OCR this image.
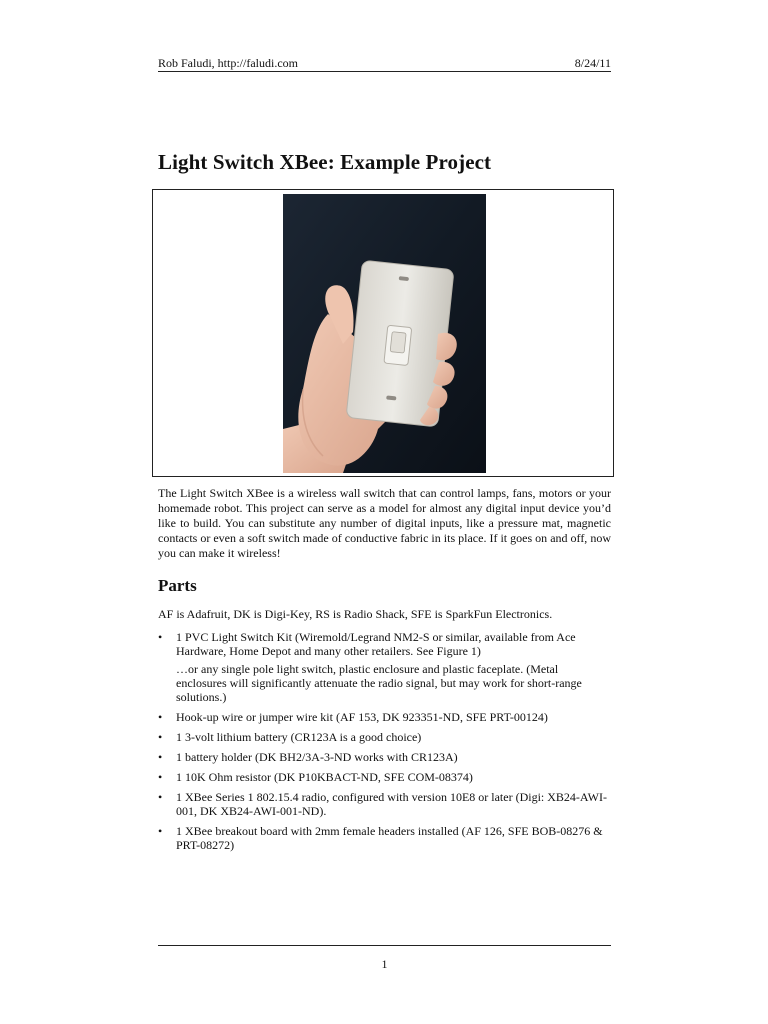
Rob Faludi, http://faludi.com	8/24/11
Light Switch XBee: Example Project

The Light Switch XBee is a wireless wall switch that can control lamps, fans, motors or your homemade robot. This project can serve as a model for almost any digital input device you’d like to build. You can substitute any number of digital inputs, like a pressure mat, magnetic contacts or even a soft switch made of conductive fabric in its place. If it goes on and off, now you can make it wireless!

Parts

AF is Adafruit, DK is Digi-Key, RS is Radio Shack, SFE is SparkFun Electronics.

• 1 PVC Light Switch Kit (Wiremold/Legrand NM2-S or similar, available from Ace Hardware, Home Depot and many other retailers. See Figure 1)
…or any single pole light switch, plastic enclosure and plastic faceplate. (Metal enclosures will significantly attenuate the radio signal, but may work for short-range solutions.)
• Hook-up wire or jumper wire kit (AF 153, DK 923351-ND, SFE PRT-00124)
• 1 3-volt lithium battery (CR123A is a good choice)
• 1 battery holder (DK BH2/3A-3-ND works with CR123A)
• 1 10K Ohm resistor (DK P10KBACT-ND, SFE COM-08374)
• 1 XBee Series 1 802.15.4 radio, configured with version 10E8 or later (Digi: XB24-AWI-001, DK XB24-AWI-001-ND).
• 1 XBee breakout board with 2mm female headers installed (AF 126, SFE BOB-08276 & PRT-08272)
1
